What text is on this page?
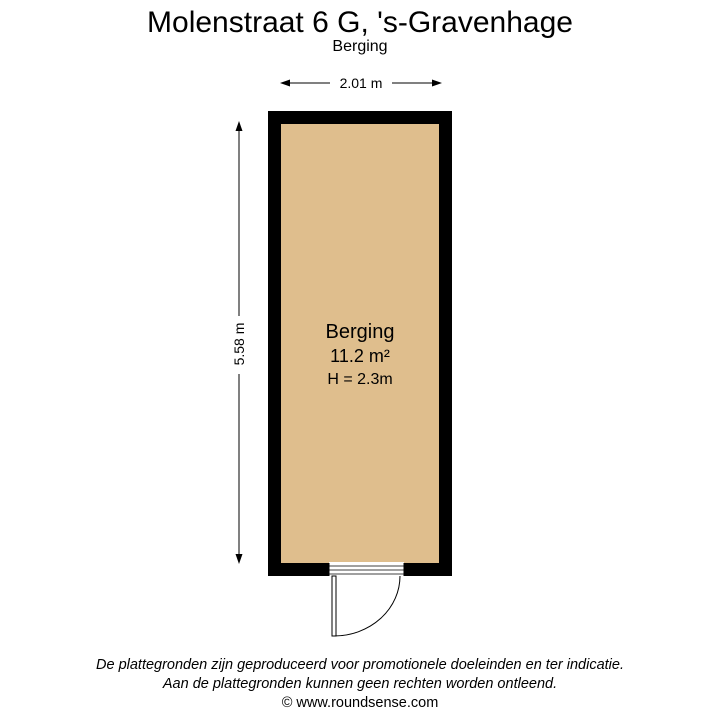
Molenstraat 6 G, 's-Gravenhage
Berging
2.01 m
5.58 m	Berging
11.2 m²
H = 2.3m
De plattegronden zijn geproduceerd voor promotionele doeleinden en ter indicatie.
Aan de plattegronden kunnen geen rechten worden ontleend.
© www.roundsense.com
